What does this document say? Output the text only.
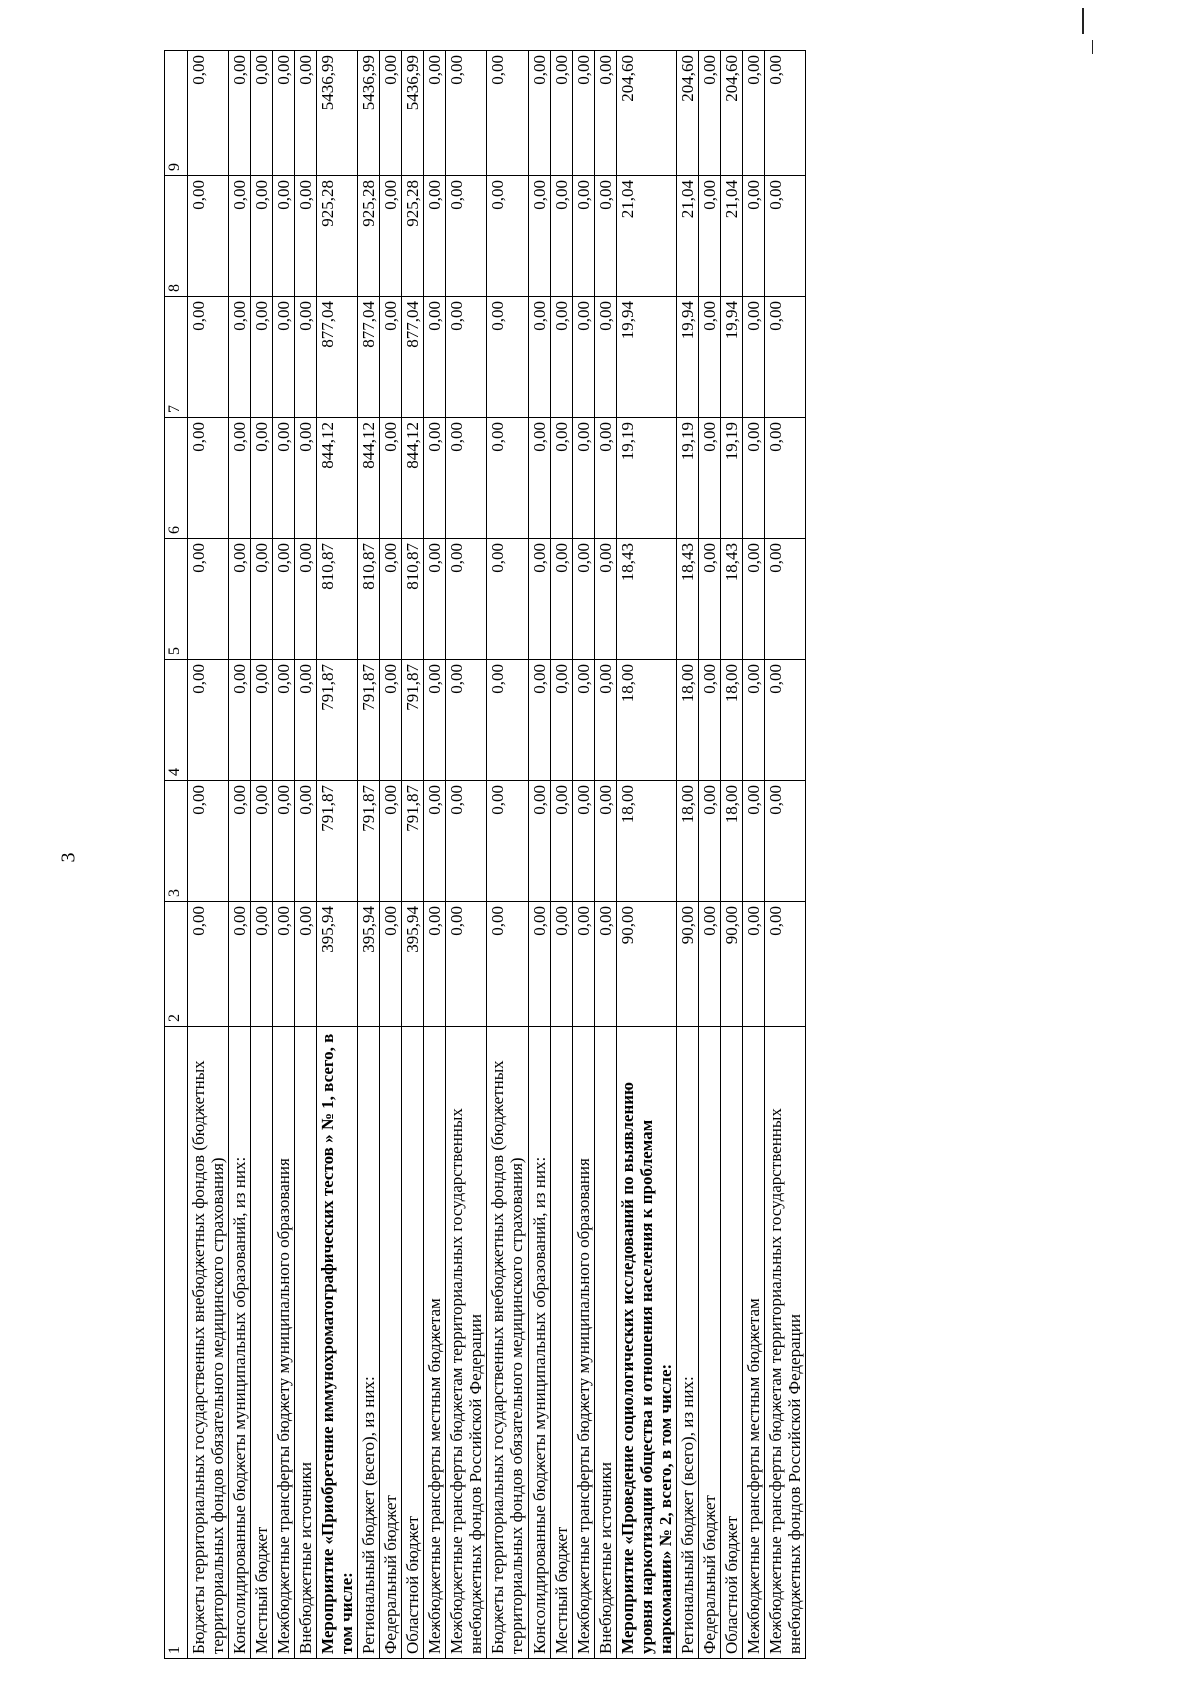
3
1	2	3	4	5	6	7	8	9
Бюджеты территориальных государственных внебюджетных фондов (бюджетных территориальных фондов обязательного медицинского страхования)	0,00	0,00	0,00	0,00	0,00	0,00	0,00	0,00
Консолидированные бюджеты муниципальных образований, из них:	0,00	0,00	0,00	0,00	0,00	0,00	0,00	0,00
Местный бюджет	0,00	0,00	0,00	0,00	0,00	0,00	0,00	0,00
Межбюджетные трансферты бюджету муниципального образования	0,00	0,00	0,00	0,00	0,00	0,00	0,00	0,00
Внебюджетные источники	0,00	0,00	0,00	0,00	0,00	0,00	0,00	0,00
Мероприятие «Приобретение иммунохроматографических тестов » № 1, всего, в том числе:	395,94	791,87	791,87	810,87	844,12	877,04	925,28	5436,99
Региональный бюджет (всего), из них:	395,94	791,87	791,87	810,87	844,12	877,04	925,28	5436,99
Федеральный бюджет	0,00	0,00	0,00	0,00	0,00	0,00	0,00	0,00
Областной бюджет	395,94	791,87	791,87	810,87	844,12	877,04	925,28	5436,99
Межбюджетные трансферты местным бюджетам	0,00	0,00	0,00	0,00	0,00	0,00	0,00	0,00
Межбюджетные трансферты бюджетам территориальных государственных внебюджетных фондов Российской Федерации	0,00	0,00	0,00	0,00	0,00	0,00	0,00	0,00
Бюджеты территориальных государственных внебюджетных фондов (бюджетных территориальных фондов обязательного медицинского страхования)	0,00	0,00	0,00	0,00	0,00	0,00	0,00	0,00
Консолидированные бюджеты муниципальных образований, из них:	0,00	0,00	0,00	0,00	0,00	0,00	0,00	0,00
Местный бюджет	0,00	0,00	0,00	0,00	0,00	0,00	0,00	0,00
Межбюджетные трансферты бюджету муниципального образования	0,00	0,00	0,00	0,00	0,00	0,00	0,00	0,00
Внебюджетные источники	0,00	0,00	0,00	0,00	0,00	0,00	0,00	0,00
Мероприятие «Проведение социологических исследований по выявлению уровня наркотизации общества и отношения населения к проблемам наркомании» № 2, всего, в том числе:	90,00	18,00	18,00	18,43	19,19	19,94	21,04	204,60
Региональный бюджет (всего), из них:	90,00	18,00	18,00	18,43	19,19	19,94	21,04	204,60
Федеральный бюджет	0,00	0,00	0,00	0,00	0,00	0,00	0,00	0,00
Областной бюджет	90,00	18,00	18,00	18,43	19,19	19,94	21,04	204,60
Межбюджетные трансферты местным бюджетам	0,00	0,00	0,00	0,00	0,00	0,00	0,00	0,00
Межбюджетные трансферты бюджетам территориальных государственных внебюджетных фондов Российской Федерации	0,00	0,00	0,00	0,00	0,00	0,00	0,00	0,00
